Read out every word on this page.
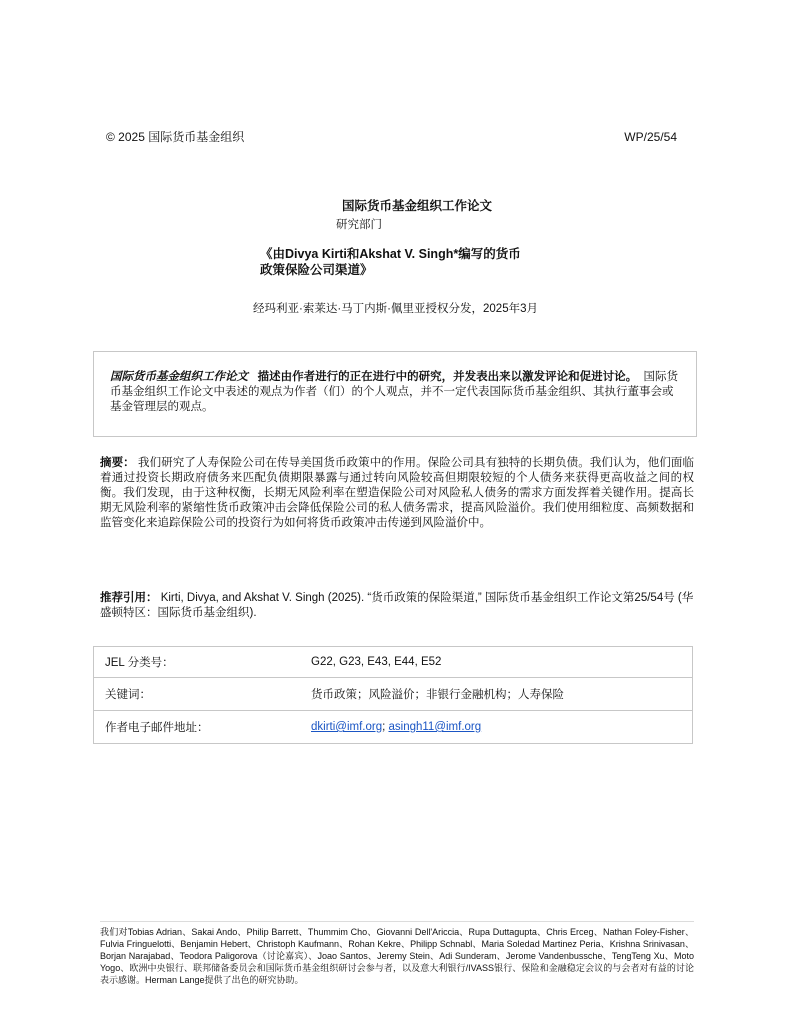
© 2025 国际货币基金组织	WP/25/54
国际货币基金组织工作论文
研究部门
《由Divya Kirti和Akshat V. Singh*编写的货币
政策保险公司渠道》
经玛利亚·索莱达·马丁内斯·佩里亚授权分发，2025年3月
国际货币基金组织工作论文 描述由作者进行的正在进行中的研究，并发表出来以激发评论和促进讨论。 国际货币基金组织工作论文中表述的观点为作者（们）的个人观点，并不一定代表国际货币基金组织、其执行董事会或基金管理层的观点。
摘要： 我们研究了人寿保险公司在传导美国货币政策中的作用。保险公司具有独特的长期负债。我们认为，他们面临着通过投资长期政府债务来匹配负债期限暴露与通过转向风险较高但期限较短的个人债务来获得更高收益之间的权衡。我们发现，由于这种权衡，长期无风险利率在塑造保险公司对风险私人债务的需求方面发挥着关键作用。提高长期无风险利率的紧缩性货币政策冲击会降低保险公司的私人债务需求，提高风险溢价。我们使用细粒度、高频数据和监管变化来追踪保险公司的投资行为如何将货币政策冲击传递到风险溢价中。
推荐引用： Kirti, Divya, and Akshat V. Singh (2025). “货币政策的保险渠道,” 国际货币基金组织工作论文第25/54号 (华盛顿特区：国际货币基金组织).
JEL 分类号：	G22, G23, E43, E44, E52
关键词：	货币政策；风险溢价；非银行金融机构；人寿保险
作者电子邮件地址：	dkirti@imf.org; asingh11@imf.org
我们对Tobias Adrian、Sakai Ando、Philip Barrett、Thummim Cho、Giovanni Dell'Ariccia、Rupa Duttagupta、Chris Erceg、Nathan Foley-Fisher、Fulvia Fringuelotti、Benjamin Hebert、Christoph Kaufmann、Rohan Kekre、Philipp Schnabl、Maria Soledad Martinez Peria、Krishna Srinivasan、Borjan Narajabad、Teodora Paligorova（讨论嘉宾）、Joao Santos、Jeremy Stein、Adi Sunderam、Jerome Vandenbussche、TengTeng Xu、Moto Yogo、欧洲中央银行、联邦储备委员会和国际货币基金组织研讨会参与者，以及意大利银行/IVASS银行、保险和金融稳定会议的与会者对有益的讨论表示感谢。Herman Lange提供了出色的研究协助。
